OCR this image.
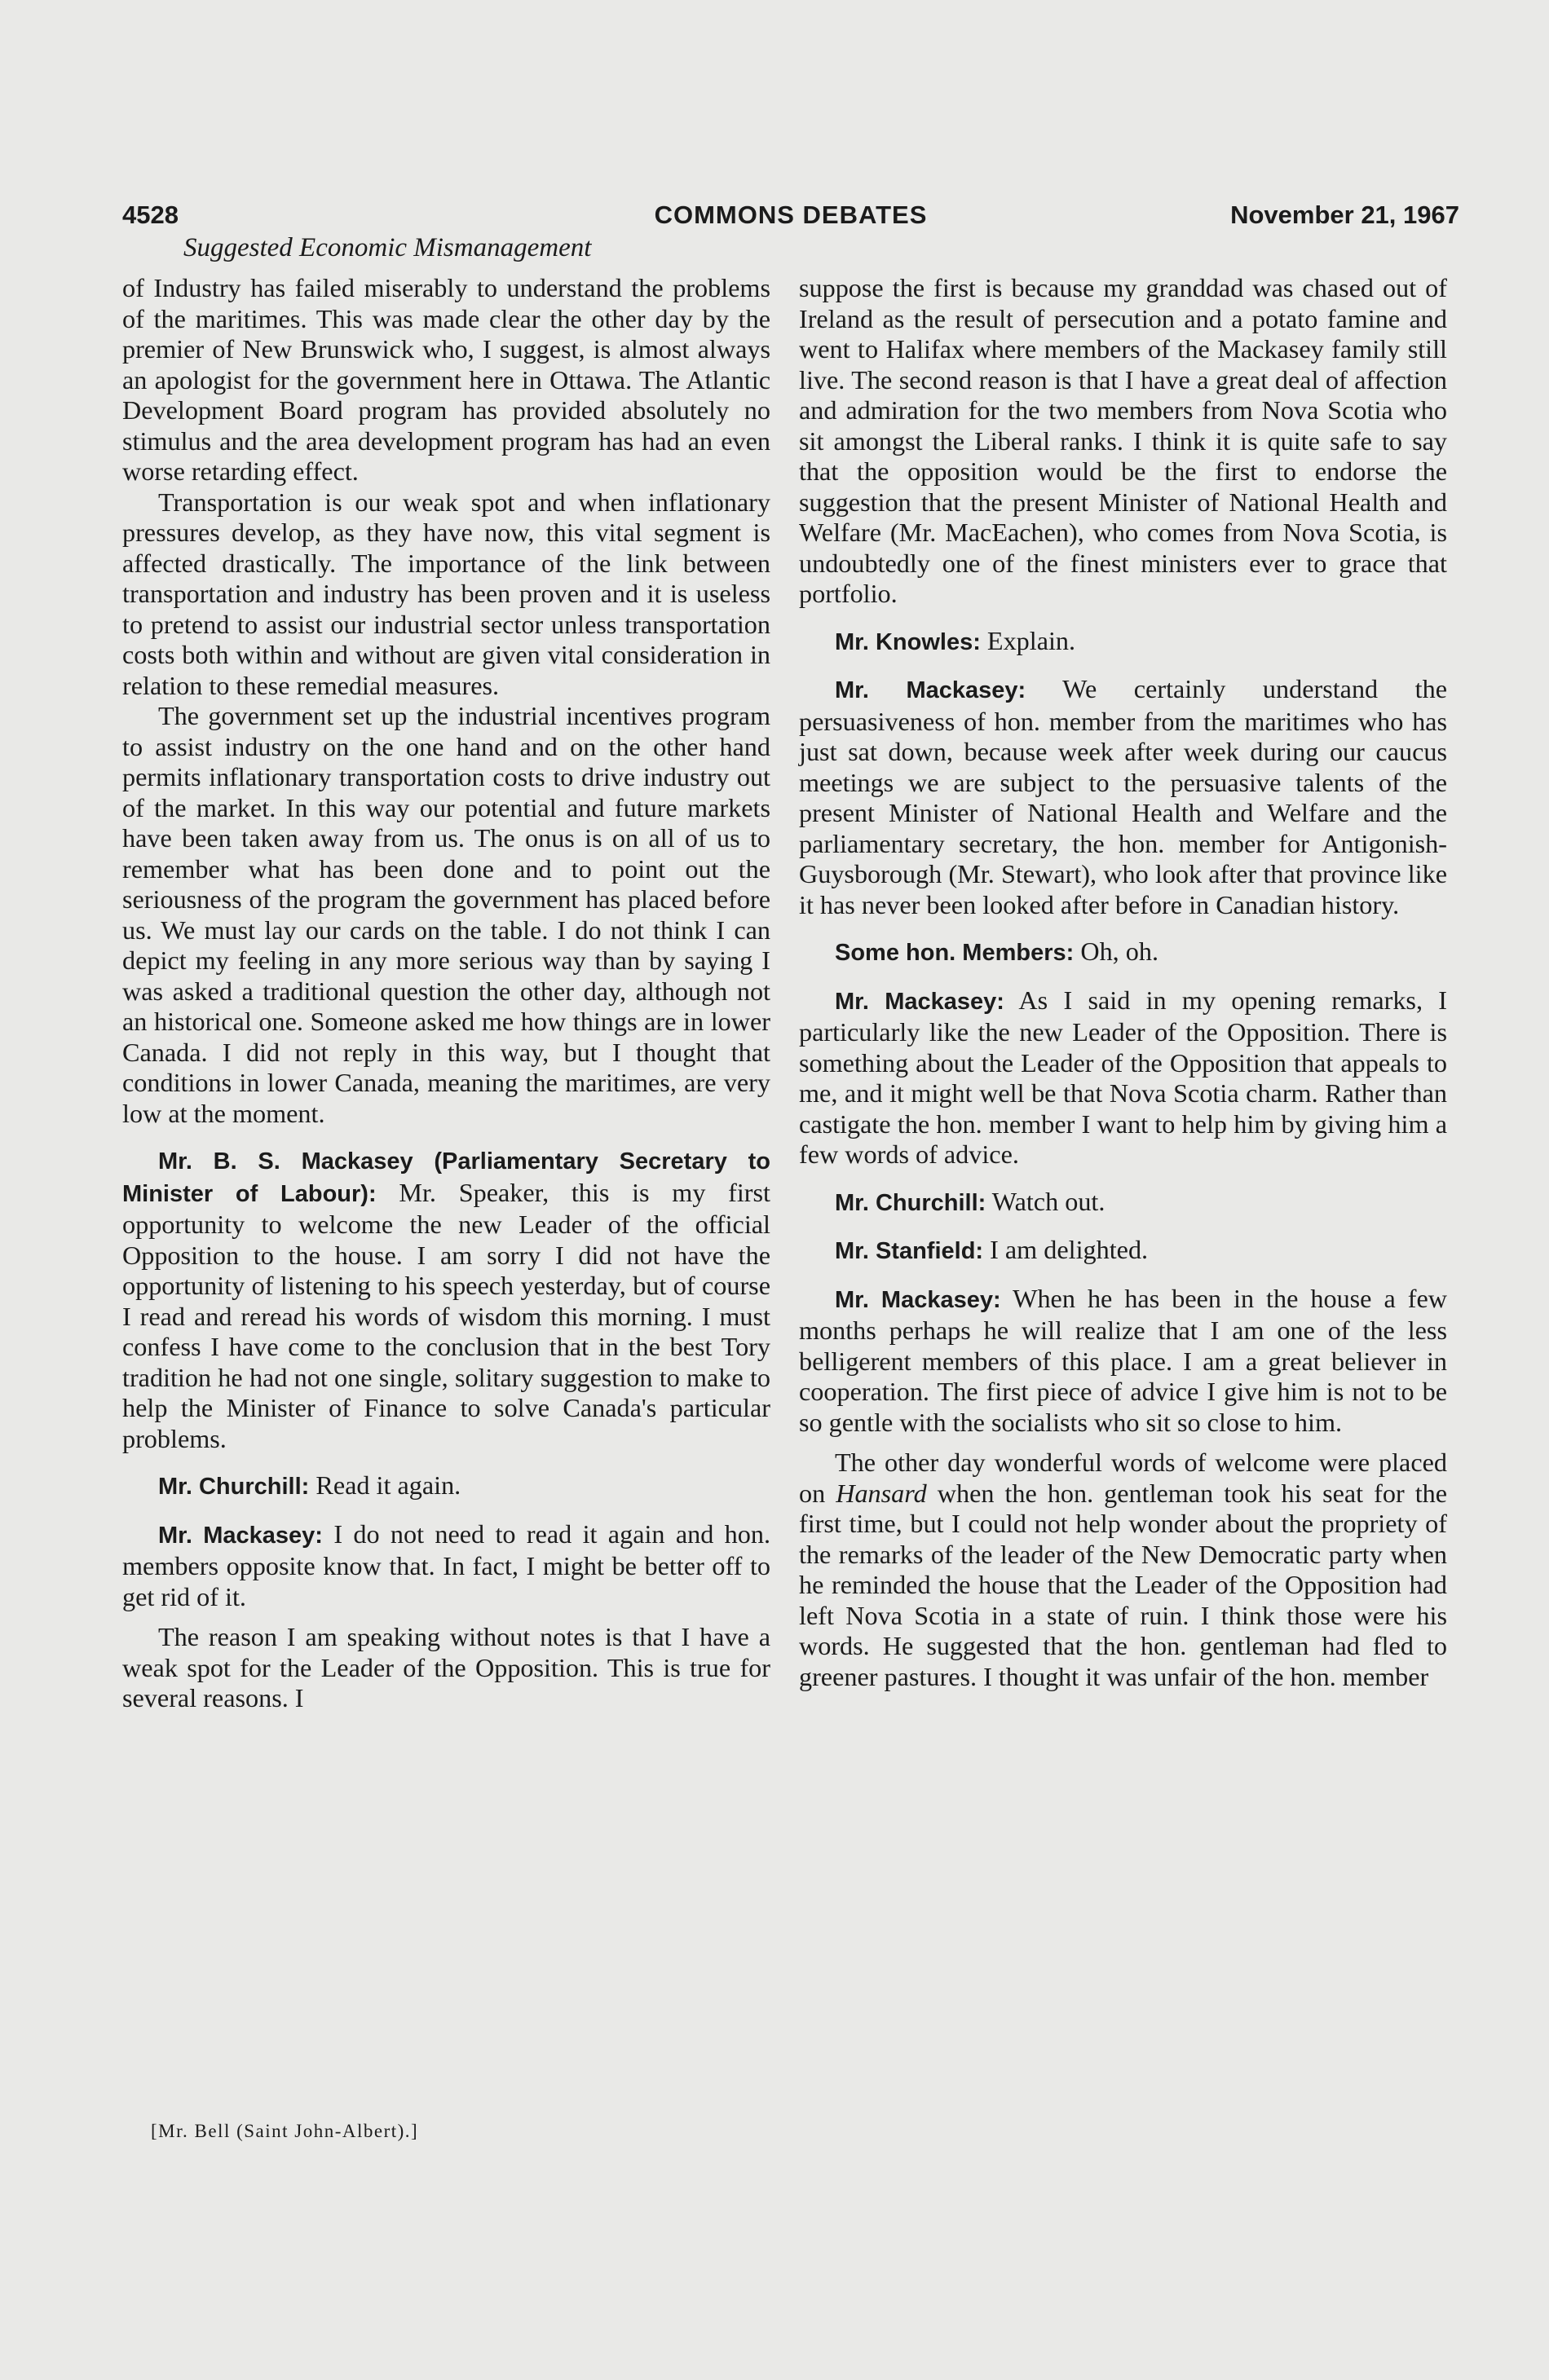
4528	COMMONS DEBATES	November 21, 1967
Suggested Economic Mismanagement

of Industry has failed miserably to understand the problems of the maritimes. This was made clear the other day by the premier of New Brunswick who, I suggest, is almost always an apologist for the government here in Ottawa. The Atlantic Development Board program has provided absolutely no stimulus and the area development program has had an even worse retarding effect.

Transportation is our weak spot and when inflationary pressures develop, as they have now, this vital segment is affected drastically. The importance of the link between transportation and industry has been proven and it is useless to pretend to assist our industrial sector unless transportation costs both within and without are given vital consideration in relation to these remedial measures.

The government set up the industrial incentives program to assist industry on the one hand and on the other hand permits inflationary transportation costs to drive industry out of the market. In this way our potential and future markets have been taken away from us. The onus is on all of us to remember what has been done and to point out the seriousness of the program the government has placed before us. We must lay our cards on the table. I do not think I can depict my feeling in any more serious way than by saying I was asked a traditional question the other day, although not an historical one. Someone asked me how things are in lower Canada. I did not reply in this way, but I thought that conditions in lower Canada, meaning the maritimes, are very low at the moment.

Mr. B. S. Mackasey (Parliamentary Secretary to Minister of Labour): Mr. Speaker, this is my first opportunity to welcome the new Leader of the official Opposition to the house. I am sorry I did not have the opportunity of listening to his speech yesterday, but of course I read and reread his words of wisdom this morning. I must confess I have come to the conclusion that in the best Tory tradition he had not one single, solitary suggestion to make to help the Minister of Finance to solve Canada's particular problems.

Mr. Churchill: Read it again.

Mr. Mackasey: I do not need to read it again and hon. members opposite know that. In fact, I might be better off to get rid of it.

The reason I am speaking without notes is that I have a weak spot for the Leader of the Opposition. This is true for several reasons. I

suppose the first is because my granddad was chased out of Ireland as the result of persecution and a potato famine and went to Halifax where members of the Mackasey family still live. The second reason is that I have a great deal of affection and admiration for the two members from Nova Scotia who sit amongst the Liberal ranks. I think it is quite safe to say that the opposition would be the first to endorse the suggestion that the present Minister of National Health and Welfare (Mr. MacEachen), who comes from Nova Scotia, is undoubtedly one of the finest ministers ever to grace that portfolio.

Mr. Knowles: Explain.

Mr. Mackasey: We certainly understand the persuasiveness of hon. member from the maritimes who has just sat down, because week after week during our caucus meetings we are subject to the persuasive talents of the present Minister of National Health and Welfare and the parliamentary secretary, the hon. member for Antigonish-Guysborough (Mr. Stewart), who look after that province like it has never been looked after before in Canadian history.

Some hon. Members: Oh, oh.

Mr. Mackasey: As I said in my opening remarks, I particularly like the new Leader of the Opposition. There is something about the Leader of the Opposition that appeals to me, and it might well be that Nova Scotia charm. Rather than castigate the hon. member I want to help him by giving him a few words of advice.

Mr. Churchill: Watch out.

Mr. Stanfield: I am delighted.

Mr. Mackasey: When he has been in the house a few months perhaps he will realize that I am one of the less belligerent members of this place. I am a great believer in cooperation. The first piece of advice I give him is not to be so gentle with the socialists who sit so close to him.

The other day wonderful words of welcome were placed on Hansard when the hon. gentleman took his seat for the first time, but I could not help wonder about the propriety of the remarks of the leader of the New Democratic party when he reminded the house that the Leader of the Opposition had left Nova Scotia in a state of ruin. I think those were his words. He suggested that the hon. gentleman had fled to greener pastures. I thought it was unfair of the hon. member

[Mr. Bell (Saint John-Albert).]
